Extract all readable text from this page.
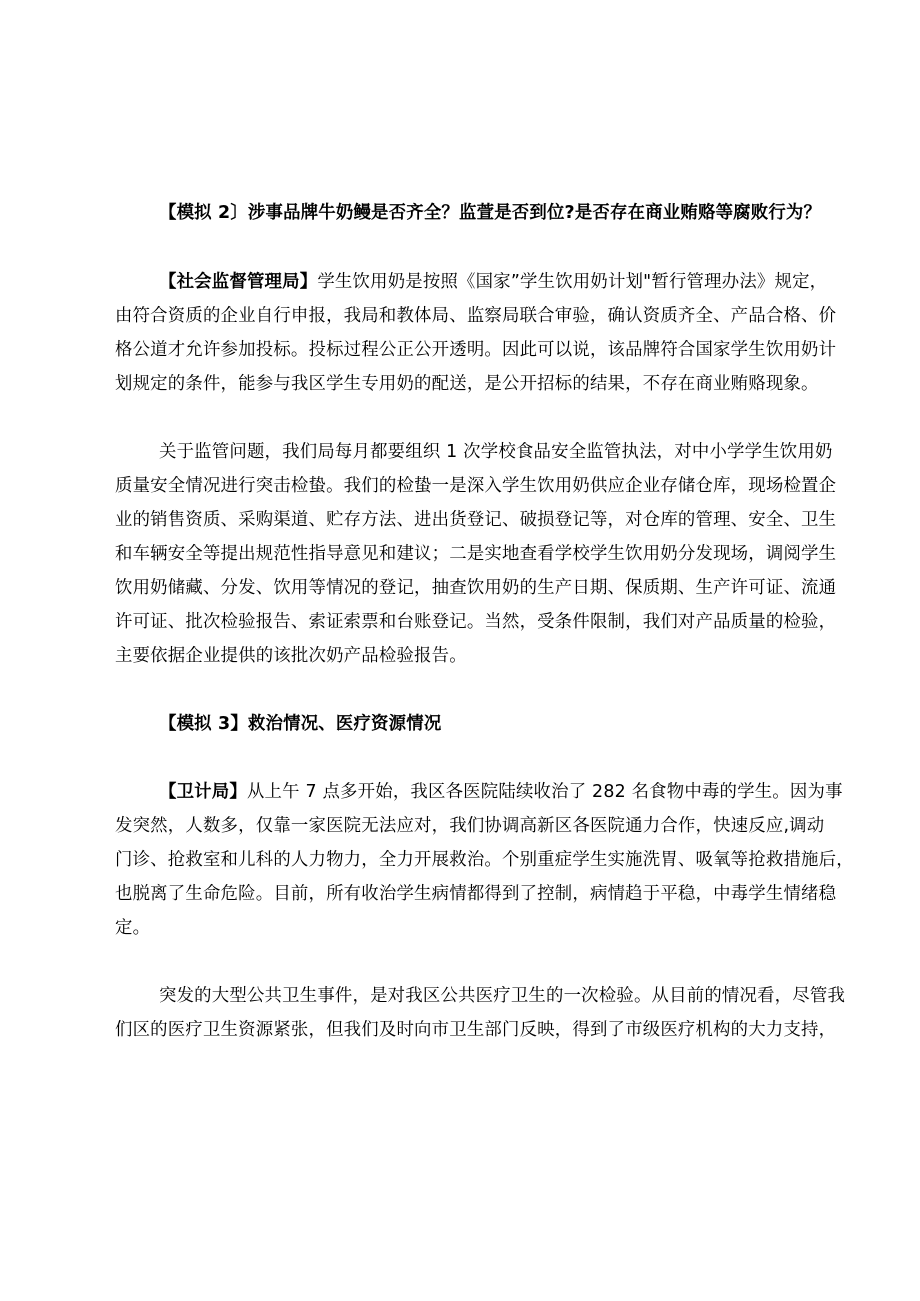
【模拟 2〕涉事品牌牛奶鳗是否齐全？监萱是否到位?是否存在商业贿赂等腐败行为？
【社会监督管理局】学生饮用奶是按照《国家”学生饮用奶计划"暂行管理办法》规定，
由符合资质的企业自行申报，我局和教体局、监察局联合审验，确认资质齐全、产品合格、价
格公道才允许参加投标。投标过程公正公开透明。因此可以说，该品牌符合国家学生饮用奶计
划规定的条件，能参与我区学生专用奶的配送，是公开招标的结果，不存在商业贿赂现象。
关于监管问题，我们局每月都要组织 1 次学校食品安全监管执法，对中小学学生饮用奶
质量安全情况进行突击检蛰。我们的检蛰一是深入学生饮用奶供应企业存储仓库，现场检置企
业的销售资质、采购渠道、贮存方法、进出货登记、破损登记等，对仓库的管理、安全、卫生
和车辆安全等提出规范性指导意见和建议；二是实地查看学校学生饮用奶分发现场，调阅学生
饮用奶储藏、分发、饮用等情况的登记，抽查饮用奶的生产日期、保质期、生产许可证、流通
许可证、批次检验报告、索证索票和台账登记。当然，受条件限制，我们对产品质量的检验，
主要依据企业提供的该批次奶产品检验报告。
【模拟 3】救治情况、医疗资源情况
【卫计局】从上午 7 点多开始，我区各医院陆续收治了 282 名食物中毒的学生。因为事
发突然，人数多，仅靠一家医院无法应对，我们协调高新区各医院通力合作，快速反应,调动
门诊、抢救室和儿科的人力物力，全力开展救治。个别重症学生实施洗胃、吸氧等抢救措施后，
也脱离了生命危险。目前，所有收治学生病情都得到了控制，病情趋于平稳，中毒学生情绪稳
定。
突发的大型公共卫生事件，是对我区公共医疗卫生的一次检验。从目前的情况看，尽管我
们区的医疗卫生资源紧张，但我们及时向市卫生部门反映，得到了市级医疗机构的大力支持，
